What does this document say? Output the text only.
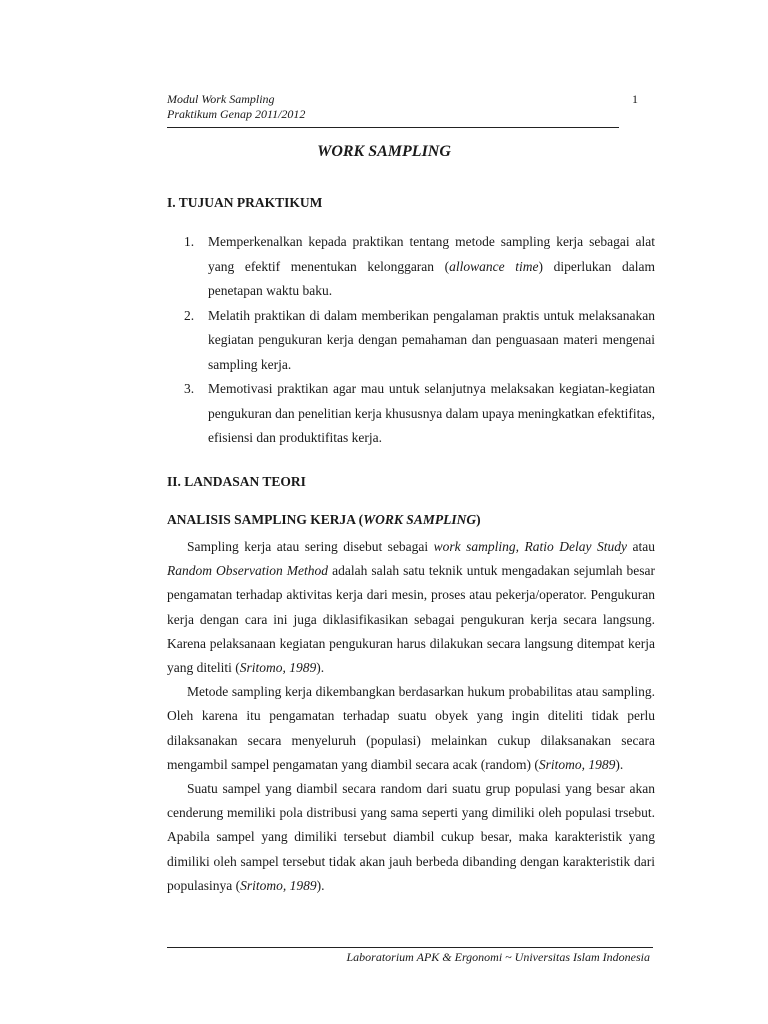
Modul Work Sampling
Praktikum Genap 2011/2012
1
WORK SAMPLING
I. TUJUAN PRAKTIKUM
1. Memperkenalkan kepada praktikan tentang metode sampling kerja sebagai alat yang efektif menentukan kelonggaran (allowance time) diperlukan dalam penetapan waktu baku.
2. Melatih praktikan di dalam memberikan pengalaman praktis untuk melaksanakan kegiatan pengukuran kerja dengan pemahaman dan penguasaan materi mengenai sampling kerja.
3. Memotivasi praktikan agar mau untuk selanjutnya melaksakan kegiatan-kegiatan pengukuran dan penelitian kerja khususnya dalam upaya meningkatkan efektifitas, efisiensi dan produktifitas kerja.
II. LANDASAN TEORI
ANALISIS SAMPLING KERJA (WORK SAMPLING)

Sampling kerja atau sering disebut sebagai work sampling, Ratio Delay Study atau Random Observation Method adalah salah satu teknik untuk mengadakan sejumlah besar pengamatan terhadap aktivitas kerja dari mesin, proses atau pekerja/operator. Pengukuran kerja dengan cara ini juga diklasifikasikan sebagai pengukuran kerja secara langsung. Karena pelaksanaan kegiatan pengukuran harus dilakukan secara langsung ditempat kerja yang diteliti (Sritomo, 1989).

Metode sampling kerja dikembangkan berdasarkan hukum probabilitas atau sampling. Oleh karena itu pengamatan terhadap suatu obyek yang ingin diteliti tidak perlu dilaksanakan secara menyeluruh (populasi) melainkan cukup dilaksanakan secara mengambil sampel pengamatan yang diambil secara acak (random) (Sritomo, 1989).

Suatu sampel yang diambil secara random dari suatu grup populasi yang besar akan cenderung memiliki pola distribusi yang sama seperti yang dimiliki oleh populasi trsebut. Apabila sampel yang dimiliki tersebut diambil cukup besar, maka karakteristik yang dimiliki oleh sampel tersebut tidak akan jauh berbeda dibanding dengan karakteristik dari populasinya (Sritomo, 1989).

Laboratorium APK & Ergonomi ~ Universitas Islam Indonesia
